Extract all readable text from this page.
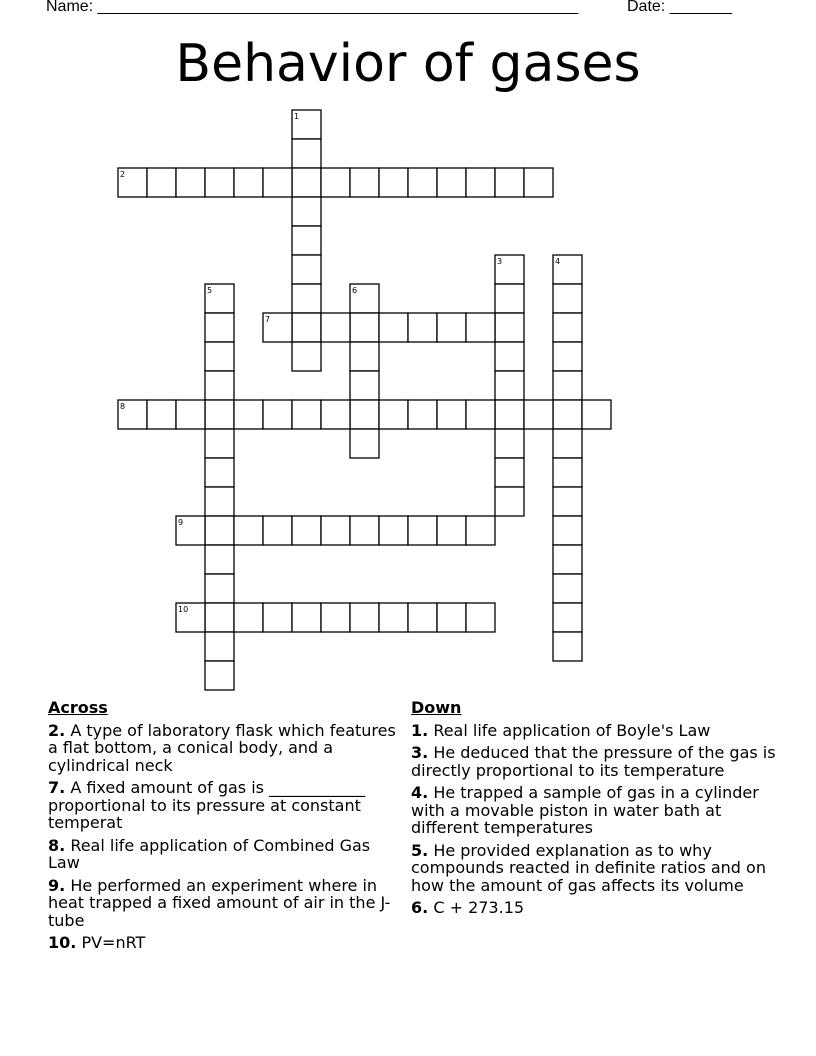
Name: ______________________________________________________	Date: _______
Behavior of gases
1
2
3	4
5	6
7
8
9
10
Across
2. A type of laboratory flask which features a flat bottom, a conical body, and a cylindrical neck
7. A fixed amount of gas is ____________ proportional to its pressure at constant temperat
8. Real life application of Combined Gas Law
9. He performed an experiment where in heat trapped a fixed amount of air in the J-tube
10. PV=nRT
Down
1. Real life application of Boyle's Law
3. He deduced that the pressure of the gas is directly proportional to its temperature
4. He trapped a sample of gas in a cylinder with a movable piston in water bath at different temperatures
5. He provided explanation as to why compounds reacted in definite ratios and on how the amount of gas affects its volume
6. C + 273.15
